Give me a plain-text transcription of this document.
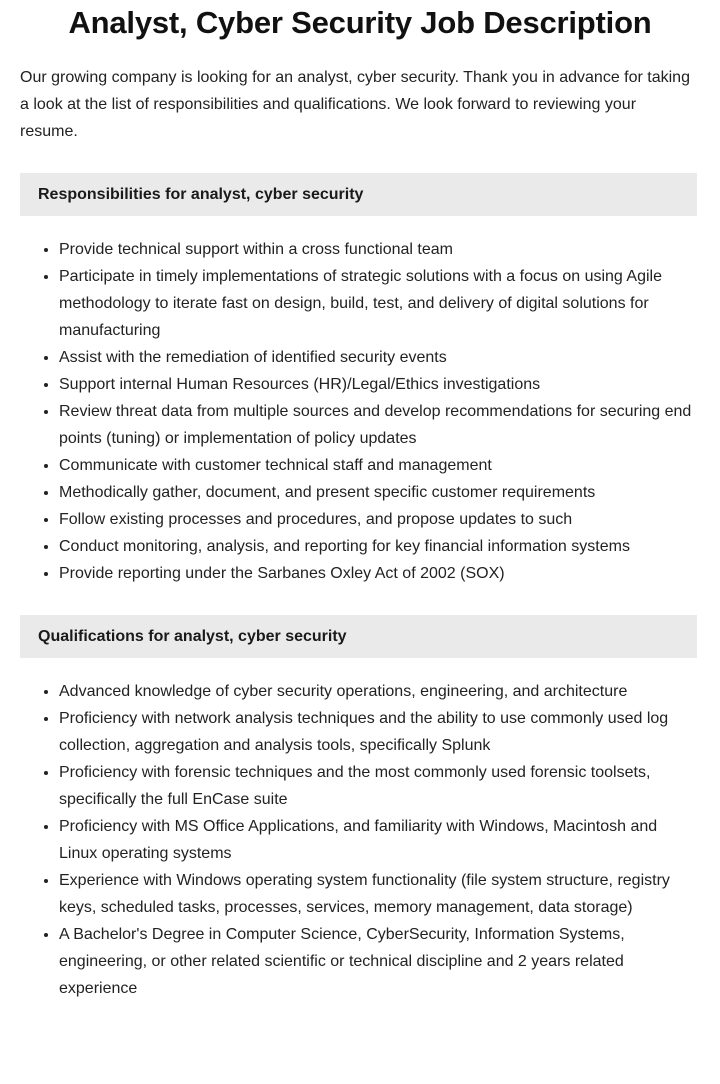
Analyst, Cyber Security Job Description

Our growing company is looking for an analyst, cyber security. Thank you in advance for taking a look at the list of responsibilities and qualifications. We look forward to reviewing your resume.

Responsibilities for analyst, cyber security
Provide technical support within a cross functional team
Participate in timely implementations of strategic solutions with a focus on using Agile methodology to iterate fast on design, build, test, and delivery of digital solutions for manufacturing
Assist with the remediation of identified security events
Support internal Human Resources (HR)/Legal/Ethics investigations
Review threat data from multiple sources and develop recommendations for securing end points (tuning) or implementation of policy updates
Communicate with customer technical staff and management
Methodically gather, document, and present specific customer requirements
Follow existing processes and procedures, and propose updates to such
Conduct monitoring, analysis, and reporting for key financial information systems
Provide reporting under the Sarbanes Oxley Act of 2002 (SOX)
Qualifications for analyst, cyber security
Advanced knowledge of cyber security operations, engineering, and architecture
Proficiency with network analysis techniques and the ability to use commonly used log collection, aggregation and analysis tools, specifically Splunk
Proficiency with forensic techniques and the most commonly used forensic toolsets, specifically the full EnCase suite
Proficiency with MS Office Applications, and familiarity with Windows, Macintosh and Linux operating systems
Experience with Windows operating system functionality (file system structure, registry keys, scheduled tasks, processes, services, memory management, data storage)
A Bachelor's Degree in Computer Science, CyberSecurity, Information Systems, engineering, or other related scientific or technical discipline and 2 years related experience
